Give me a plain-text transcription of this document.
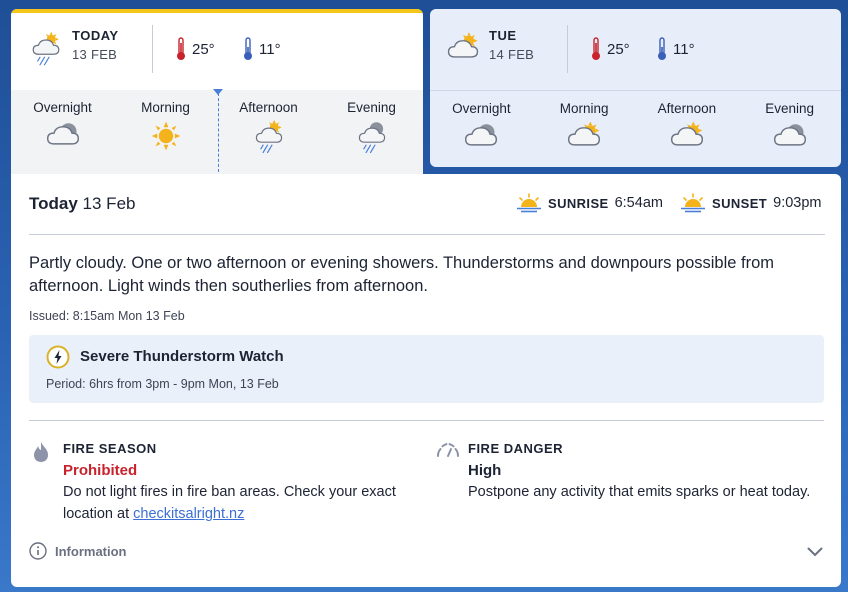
TODAY
13 FEB	25°	11°
Overnight	Morning	Afternoon	Evening
TUE
14 FEB	25°	11°
Overnight	Morning	Afternoon	Evening
Today 13 Feb	SUNRISE 6:54am	SUNSET 9:03pm

Partly cloudy. One or two afternoon or evening showers. Thunderstorms and downpours possible from afternoon. Light winds then southerlies from afternoon.

Issued: 8:15am Mon 13 Feb
Severe Thunderstorm Watch
Period: 6hrs from 3pm - 9pm Mon, 13 Feb
FIRE SEASON
Prohibited
Do not light fires in fire ban areas. Check your exact location at checkitsalright.nz
FIRE DANGER
High
Postpone any activity that emits sparks or heat today.
Information
